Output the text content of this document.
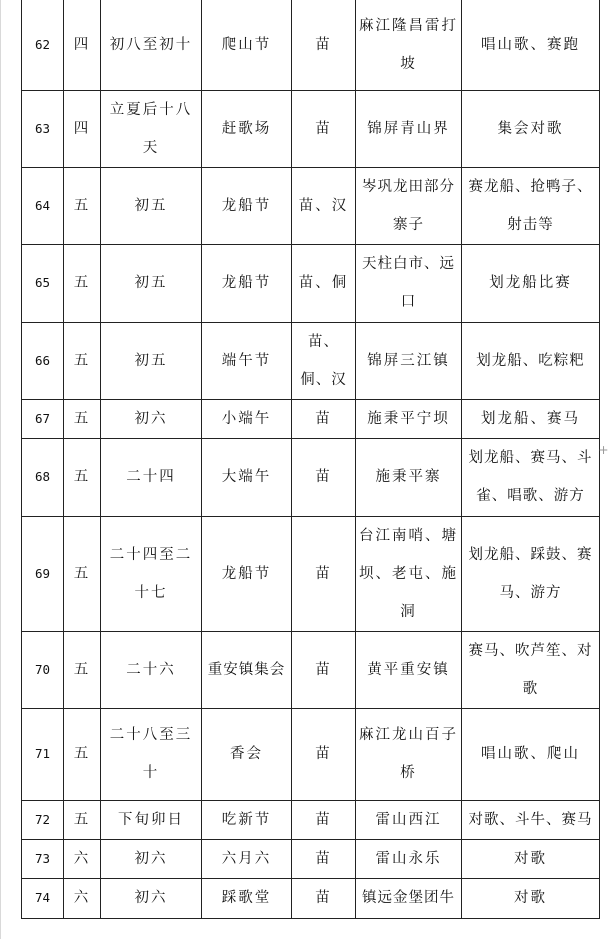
62	四	初八至初十	爬山节	苗	麻江隆昌雷打坡	唱山歌、赛跑
63	四	立夏后十八天	赶歌场	苗	锦屏青山界	集会对歌
64	五	初五	龙船节	苗、汉	岑巩龙田部分寨子	赛龙船、抢鸭子、射击等
65	五	初五	龙船节	苗、侗	天柱白市、远口	划龙船比赛
66	五	初五	端午节	苗、侗、汉	锦屏三江镇	划龙船、吃粽粑
67	五	初六	小端午	苗	施秉平宁坝	划龙船、赛马
68	五	二十四	大端午	苗	施秉平寨	划龙船、赛马、斗雀、唱歌、游方
69	五	二十四至二十七	龙船节	苗	台江南哨、塘坝、老屯、施洞	划龙船、踩鼓、赛马、游方
70	五	二十六	重安镇集会	苗	黄平重安镇	赛马、吹芦笙、对歌
71	五	二十八至三十	香会	苗	麻江龙山百子桥	唱山歌、爬山
72	五	下旬卯日	吃新节	苗	雷山西江	对歌、斗牛、赛马
73	六	初六	六月六	苗	雷山永乐	对歌
74	六	初六	踩歌堂	苗	镇远金堡团牛	对歌
+
